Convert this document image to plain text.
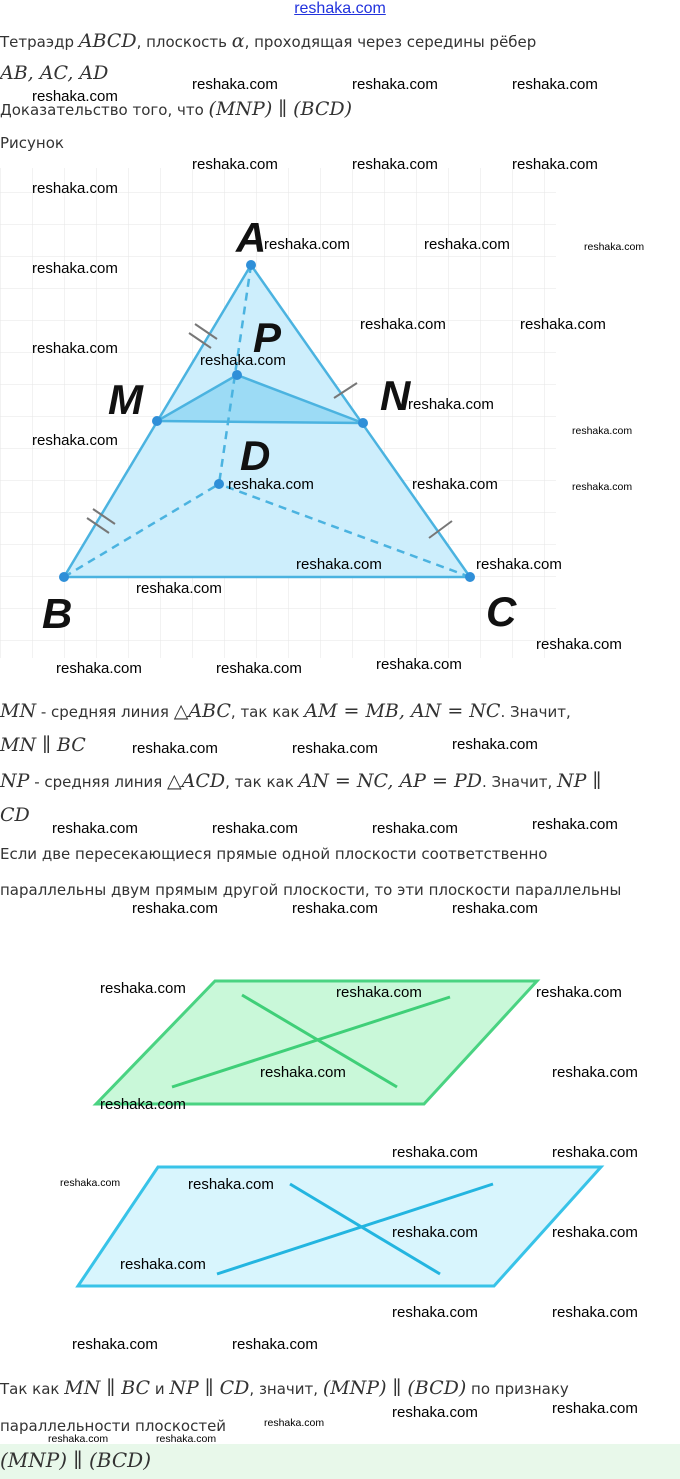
reshaka.com
Тетраэдр ABCD, плоскость α, проходящая через середины рёбер
AB, AC, AD
Доказательство того, что (MNP) ∥ (BCD)
Рисунок
A
P
M	N
D
B	C
MN - средняя линия △ABC, так как AM = MB, AN = NC. Значит,
MN ∥ BC
NP - средняя линия △ACD, так как AN = NC, AP = PD. Значит, NP ∥
CD
Если две пересекающиеся прямые одной плоскости соответственно
параллельны двум прямым другой плоскости, то эти плоскости параллельны
Так как MN ∥ BC и NP ∥ CD, значит, (MNP) ∥ (BCD) по признаку
параллельности плоскостей
(MNP) ∥ (BCD)
reshaka.com
reshaka.com	reshaka.com	reshaka.com
reshaka.com	reshaka.com	reshaka.com
reshaka.com
reshaka.com	reshaka.com	reshaka.com
reshaka.com
reshaka.com	reshaka.com
reshaka.com
reshaka.com
reshaka.com
reshaka.com
reshaka.com
reshaka.com	reshaka.com	reshaka.com
reshaka.com	reshaka.com
reshaka.com
reshaka.com
reshaka.com	reshaka.com	reshaka.com
reshaka.com	reshaka.com	reshaka.com
reshaka.com	reshaka.com	reshaka.com	reshaka.com
reshaka.com	reshaka.com	reshaka.com
reshaka.com	reshaka.com	reshaka.com
reshaka.com	reshaka.com
reshaka.com
reshaka.com	reshaka.com
reshaka.com	reshaka.com
reshaka.com	reshaka.com
reshaka.com
reshaka.com	reshaka.com
reshaka.com	reshaka.com
reshaka.com
reshaka.com
reshaka.com
reshaka.com	reshaka.com
